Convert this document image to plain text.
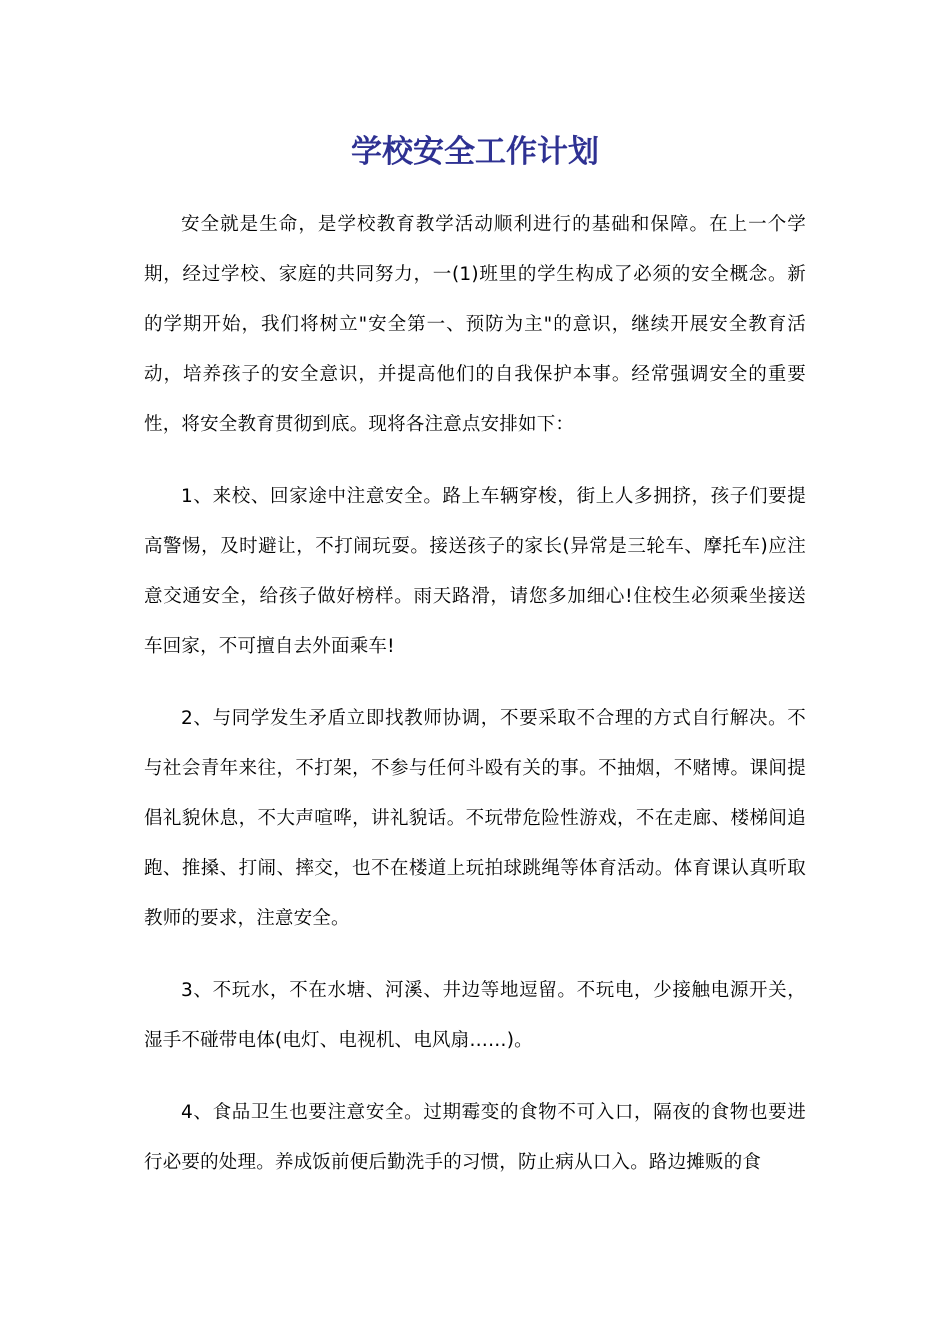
学校安全工作计划

安全就是生命，是学校教育教学活动顺利进行的基础和保障。在上一个学期，经过学校、家庭的共同努力，一(1)班里的学生构成了必须的安全概念。新的学期开始，我们将树立"安全第一、预防为主"的意识，继续开展安全教育活动，培养孩子的安全意识，并提高他们的自我保护本事。经常强调安全的重要性，将安全教育贯彻到底。现将各注意点安排如下：

1、来校、回家途中注意安全。路上车辆穿梭，街上人多拥挤，孩子们要提高警惕，及时避让，不打闹玩耍。接送孩子的家长(异常是三轮车、摩托车)应注意交通安全，给孩子做好榜样。雨天路滑，请您多加细心!住校生必须乘坐接送车回家，不可擅自去外面乘车!

2、与同学发生矛盾立即找教师协调，不要采取不合理的方式自行解决。不与社会青年来往，不打架，不参与任何斗殴有关的事。不抽烟，不赌博。课间提倡礼貌休息，不大声喧哗，讲礼貌话。不玩带危险性游戏，不在走廊、楼梯间追跑、推搡、打闹、摔交，也不在楼道上玩拍球跳绳等体育活动。体育课认真听取教师的要求，注意安全。

3、不玩水，不在水塘、河溪、井边等地逗留。不玩电，少接触电源开关，湿手不碰带电体(电灯、电视机、电风扇……)。

4、食品卫生也要注意安全。过期霉变的食物不可入口，隔夜的食物也要进行必要的处理。养成饭前便后勤洗手的习惯，防止病从口入。路边摊贩的食
